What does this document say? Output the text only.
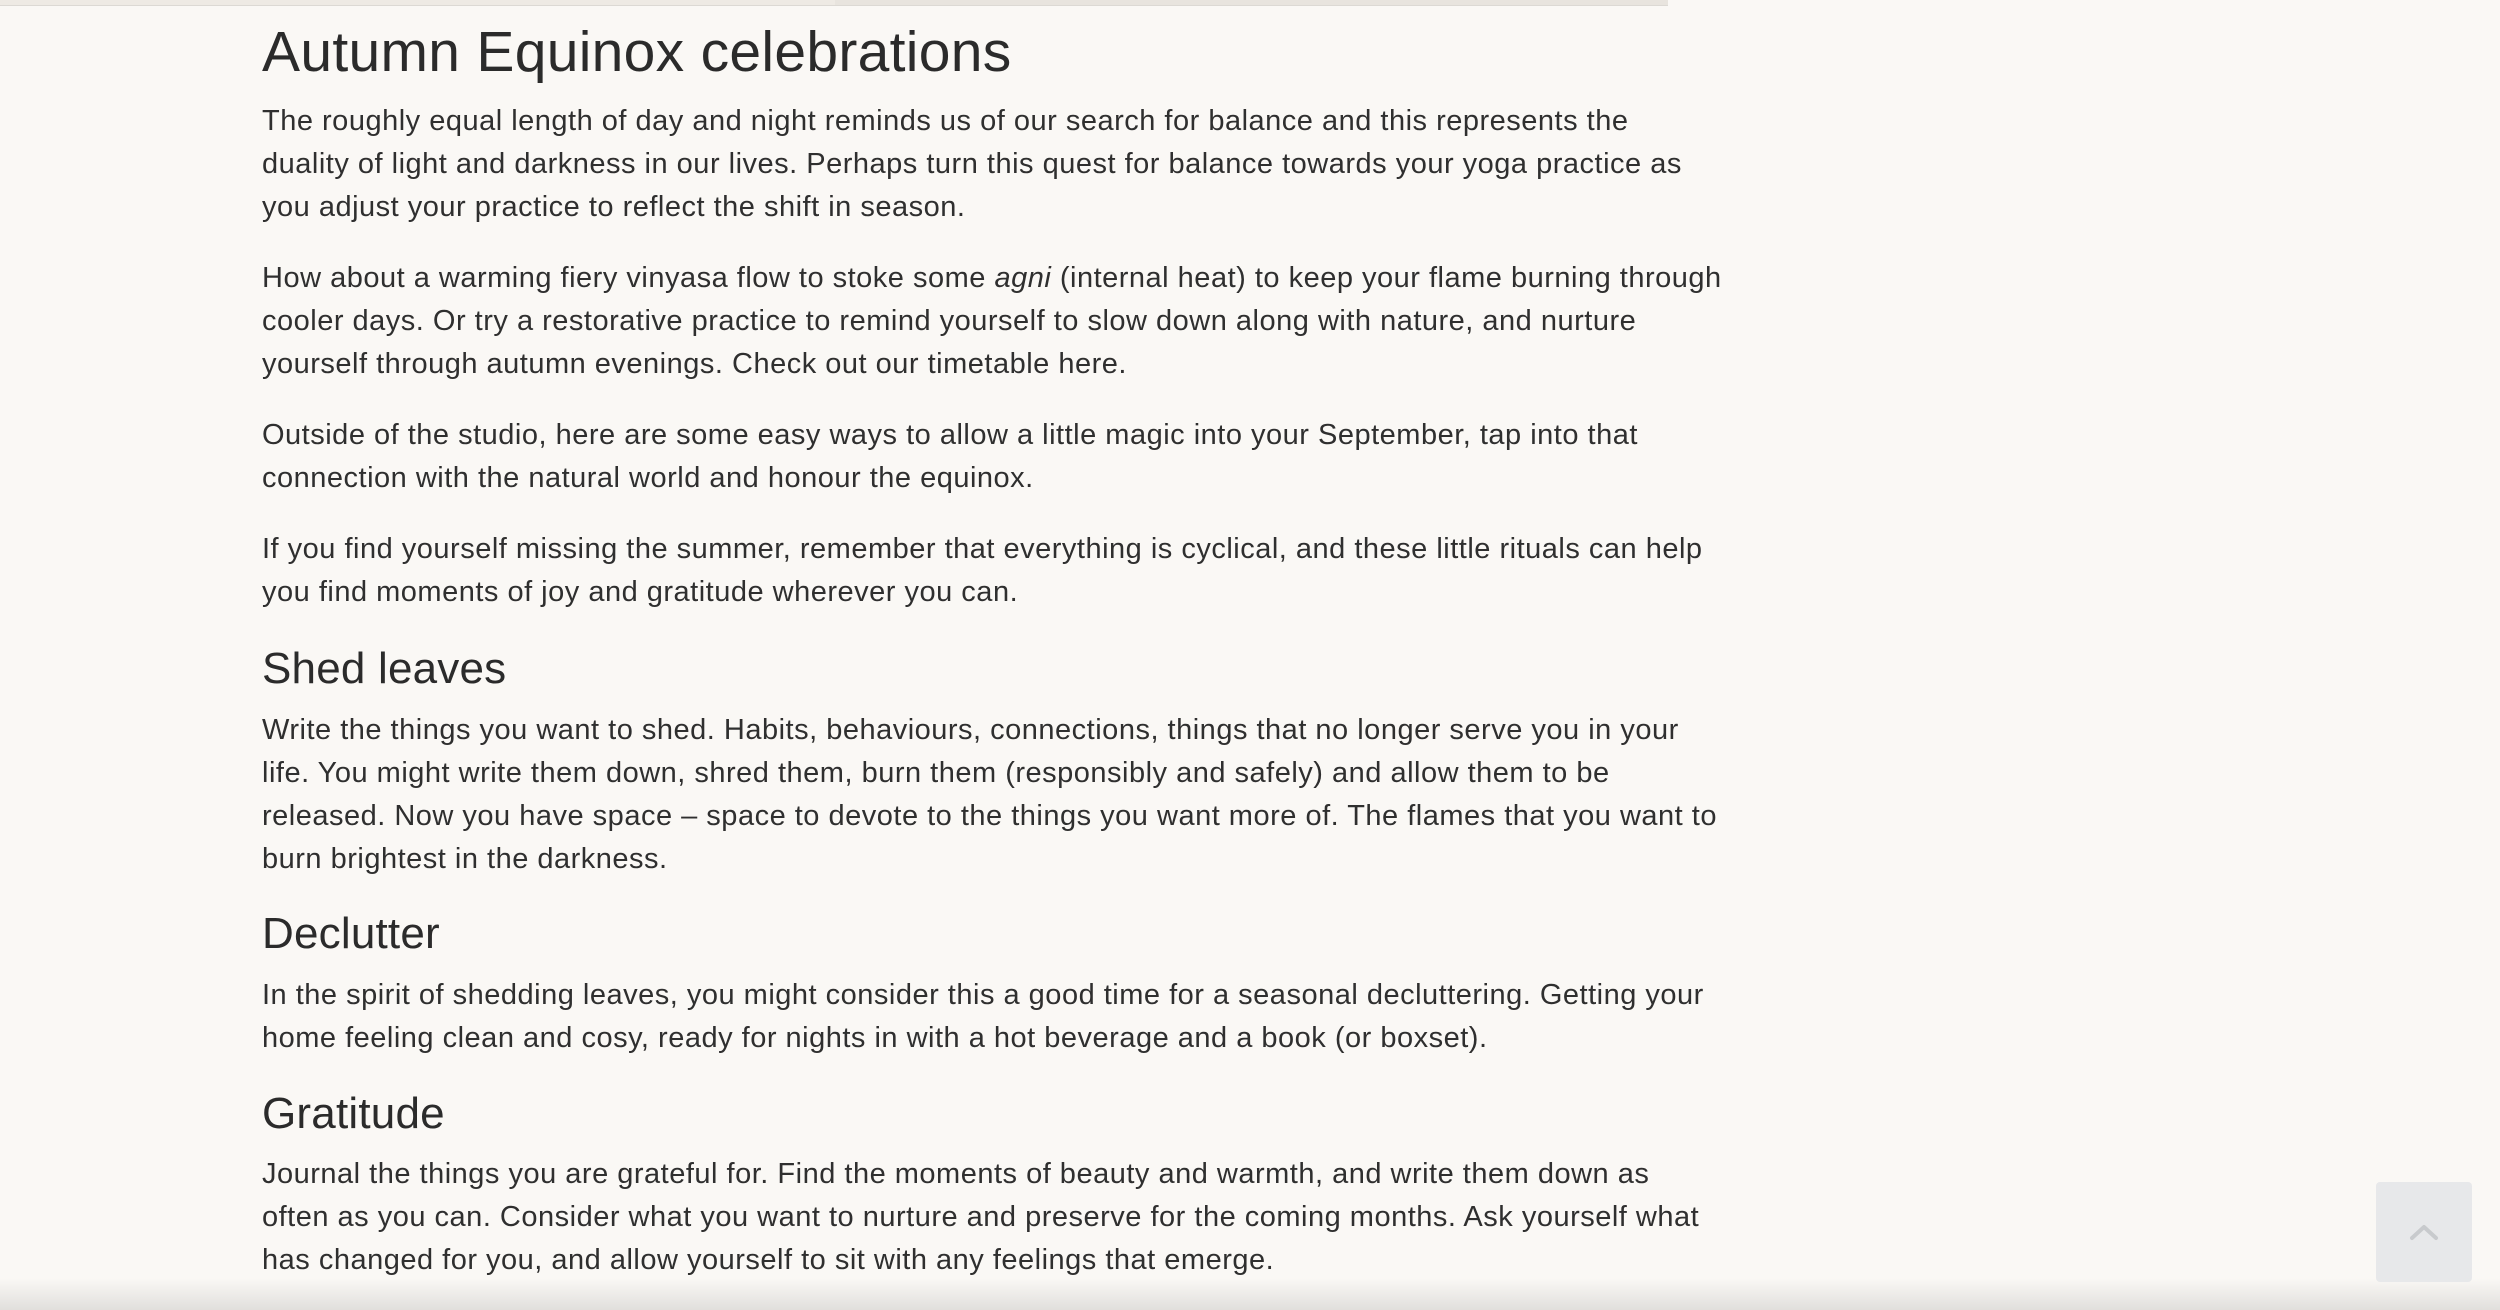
Autumn Equinox celebrations

The roughly equal length of day and night reminds us of our search for balance and this represents the duality of light and darkness in our lives. Perhaps turn this quest for balance towards your yoga practice as you adjust your practice to reflect the shift in season.

How about a warming fiery vinyasa flow to stoke some agni (internal heat) to keep your flame burning through cooler days. Or try a restorative practice to remind yourself to slow down along with nature, and nurture yourself through autumn evenings. Check out our timetable here.

Outside of the studio, here are some easy ways to allow a little magic into your September, tap into that connection with the natural world and honour the equinox.

If you find yourself missing the summer, remember that everything is cyclical, and these little rituals can help you find moments of joy and gratitude wherever you can.

Shed leaves

Write the things you want to shed. Habits, behaviours, connections, things that no longer serve you in your life. You might write them down, shred them, burn them (responsibly and safely) and allow them to be released. Now you have space – space to devote to the things you want more of. The flames that you want to burn brightest in the darkness.

Declutter

In the spirit of shedding leaves, you might consider this a good time for a seasonal decluttering. Getting your home feeling clean and cosy, ready for nights in with a hot beverage and a book (or boxset).

Gratitude

Journal the things you are grateful for. Find the moments of beauty and warmth, and write them down as often as you can. Consider what you want to nurture and preserve for the coming months. Ask yourself what has changed for you, and allow yourself to sit with any feelings that emerge.
